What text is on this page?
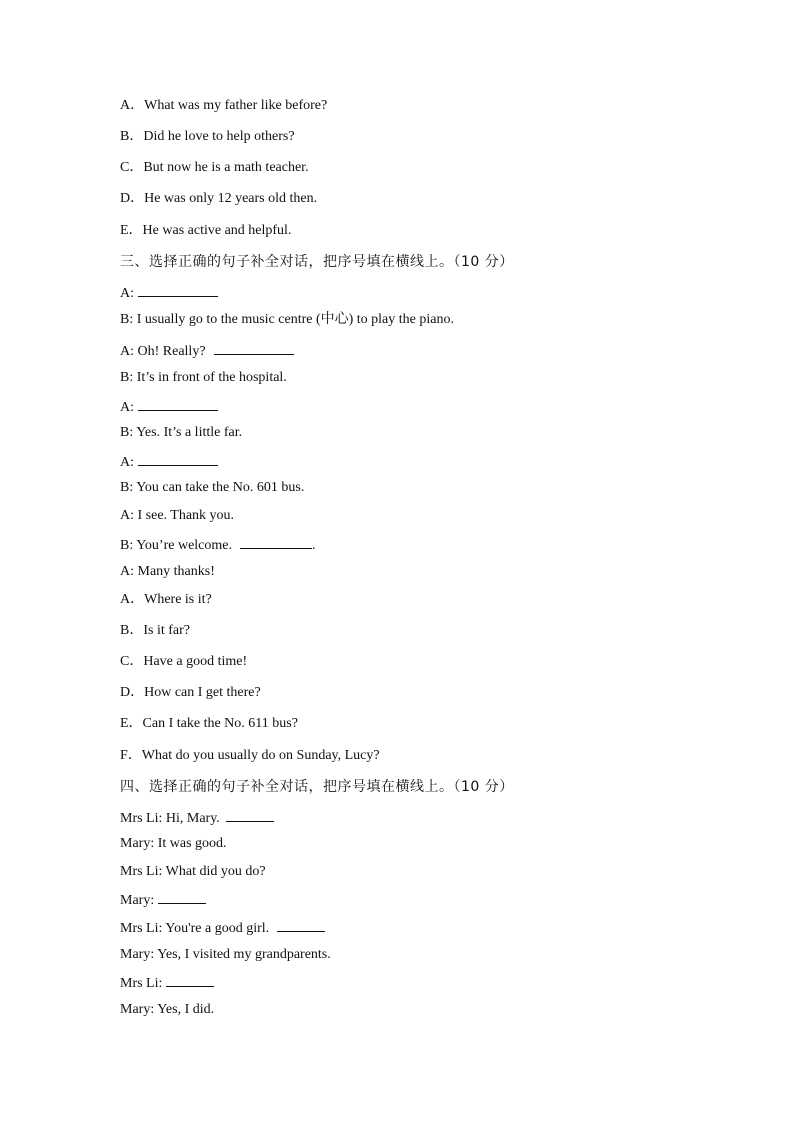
A．What was my father like before?
B．Did he love to help others?
C．But now he is a math teacher.
D．He was only 12 years old then.
E．He was active and helpful.
三、选择正确的句子补全对话，把序号填在横线上。（10 分）
A:
B: I usually go to the music centre (中心) to play the piano.
A: Oh! Really?
B: It’s in front of the hospital.
A:
B: Yes. It’s a little far.
A:
B: You can take the No. 601 bus.
A: I see. Thank you.
B: You’re welcome.	.
A: Many thanks!
A．Where is it?
B．Is it far?
C．Have a good time!
D．How can I get there?
E．Can I take the No. 611 bus?
F．What do you usually do on Sunday, Lucy?
四、选择正确的句子补全对话，把序号填在横线上。（10 分）
Mrs Li: Hi, Mary.
Mary: It was good.
Mrs Li: What did you do?
Mary:
Mrs Li: You're a good girl.
Mary: Yes, I visited my grandparents.
Mrs Li:
Mary: Yes, I did.
